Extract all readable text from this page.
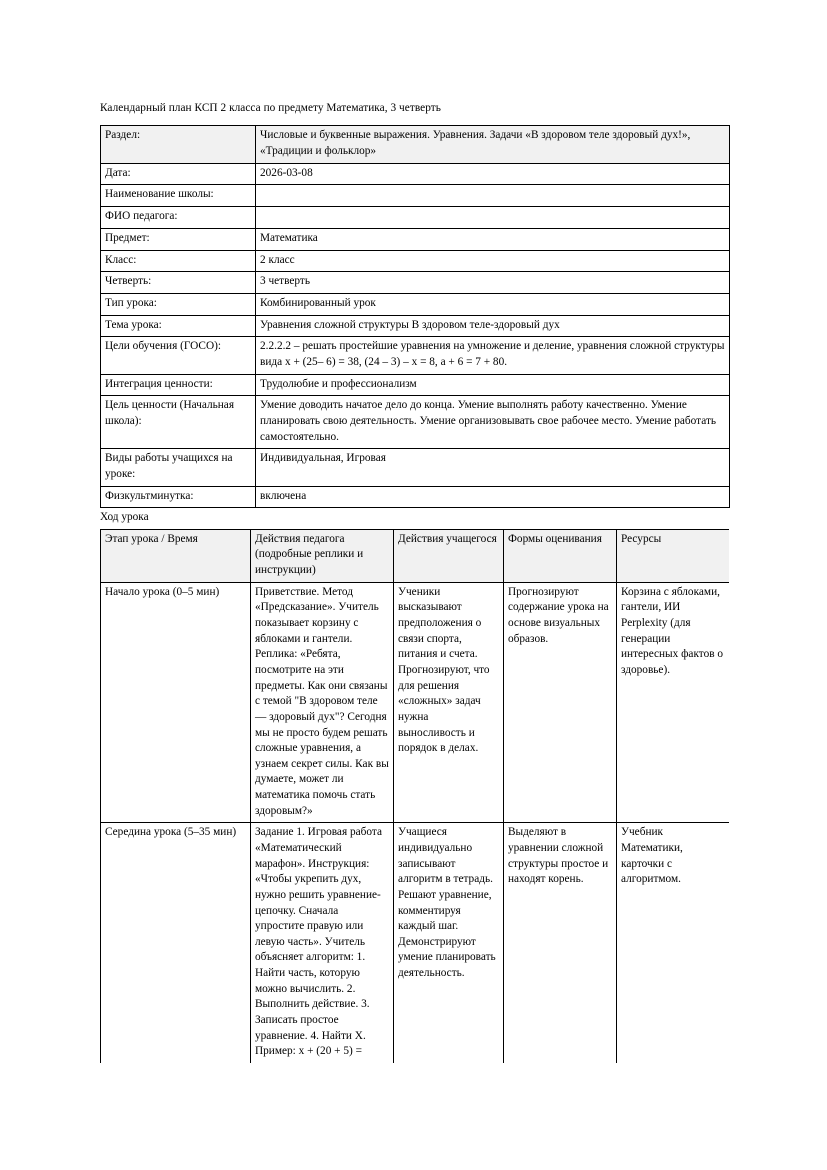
Календарный план КСП 2 класса по предмету Математика, 3 четверть

Раздел:	Числовые и буквенные выражения. Уравнения. Задачи «В здоровом теле здоровый дух!», «Традиции и фольклор»
Дата:	2026-03-08
Наименование школы:	
ФИО педагога:	
Предмет:	Математика
Класс:	2 класс
Четверть:	3 четверть
Тип урока:	Комбинированный урок
Тема урока:	Уравнения сложной структуры В здоровом теле-здоровый дух
Цели обучения (ГОСО):	2.2.2.2 – решать простейшие уравнения на умножение и деление, уравнения сложной структуры вида x + (25– 6) = 38, (24 – 3) – x = 8, a + 6 = 7 + 80.
Интеграция ценности:	Трудолюбие и профессионализм
Цель ценности (Начальная школа):	Умение доводить начатое дело до конца. Умение выполнять работу качественно. Умение планировать свою деятельность. Умение организовывать свое рабочее место. Умение работать самостоятельно.
Виды работы учащихся на уроке:	Индивидуальная, Игровая
Физкультминутка:	включена

Ход урока

Этап урока / Время	Действия педагога (подробные реплики и инструкции)	Действия учащегося	Формы оценивания	Ресурсы
Начало урока (0–5 мин)	Приветствие. Метод «Предсказание». Учитель показывает корзину с яблоками и гантели. Реплика: «Ребята, посмотрите на эти предметы. Как они связаны с темой "В здоровом теле — здоровый дух"? Сегодня мы не просто будем решать сложные уравнения, а узнаем секрет силы. Как вы думаете, может ли математика помочь стать здоровым?»	Ученики высказывают предположения о связи спорта, питания и счета. Прогнозируют, что для решения «сложных» задач нужна выносливость и порядок в делах.	Прогнозируют содержание урока на основе визуальных образов.	Корзина с яблоками, гантели, ИИ Perplexity (для генерации интересных фактов о здоровье).
Середина урока (5–35 мин)	Задание 1. Игровая работа «Математический марафон». Инструкция: «Чтобы укрепить дух, нужно решить уравнение-цепочку. Сначала упростите правую или левую часть». Учитель объясняет алгоритм: 1. Найти часть, которую можно вычислить. 2. Выполнить действие. 3. Записать простое уравнение. 4. Найти X. Пример: x + (20 + 5) =	Учащиеся индивидуально записывают алгоритм в тетрадь. Решают уравнение, комментируя каждый шаг. Демонстрируют умение планировать деятельность.	Выделяют в уравнении сложной структуры простое и находят корень.	Учебник Математики, карточки с алгоритмом.
